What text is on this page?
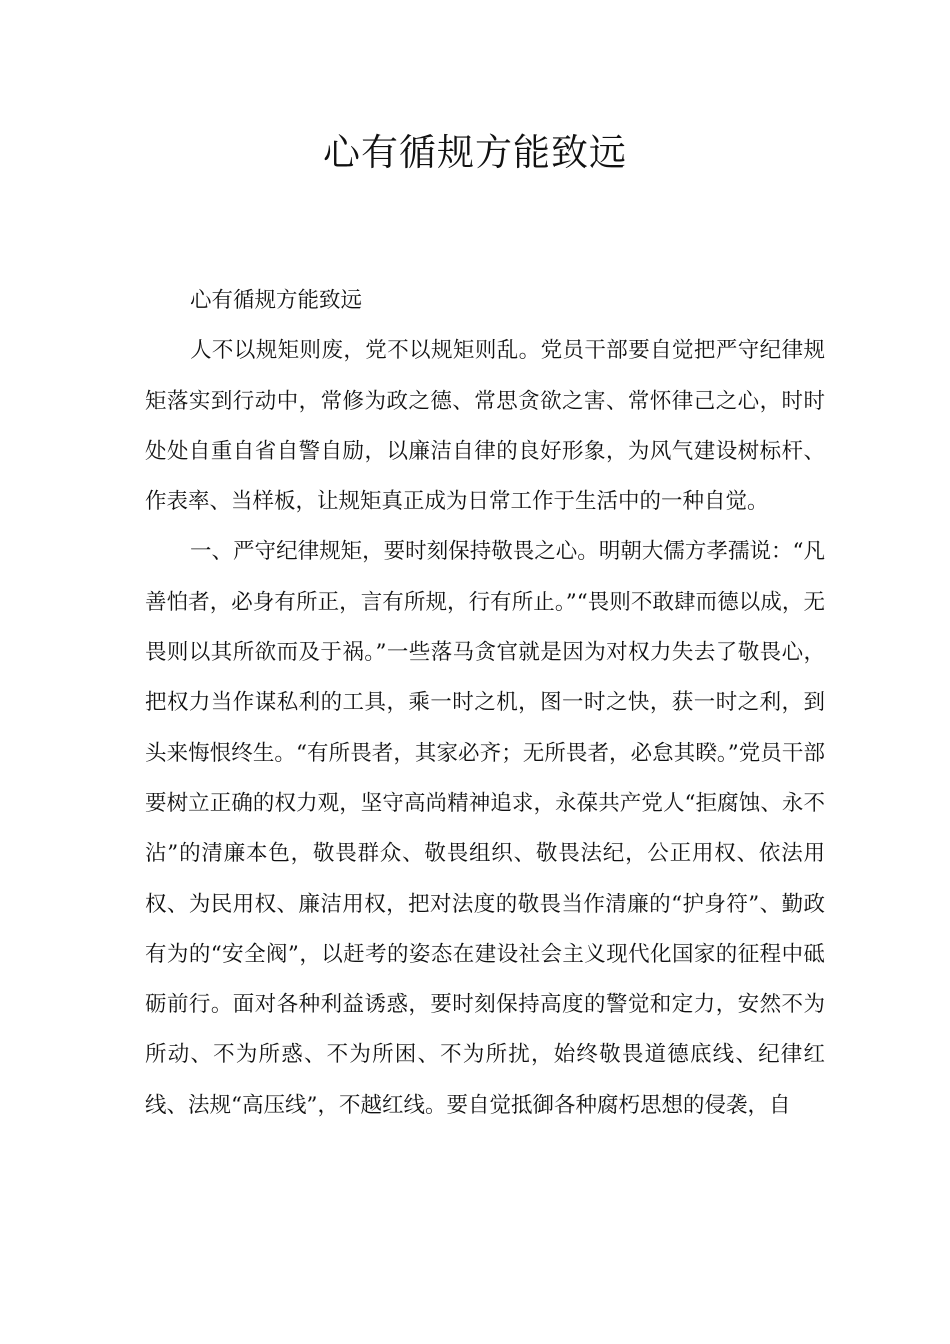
心有循规方能致远

心有循规方能致远

人不以规矩则废，党不以规矩则乱。党员干部要自觉把严守纪律规矩落实到行动中，常修为政之德、常思贪欲之害、常怀律己之心，时时处处自重自省自警自励，以廉洁自律的良好形象，为风气建设树标杆、作表率、当样板，让规矩真正成为日常工作于生活中的一种自觉。

一、严守纪律规矩，要时刻保持敬畏之心。明朝大儒方孝孺说：“凡善怕者，必身有所正，言有所规，行有所止。”“畏则不敢肆而德以成，无畏则以其所欲而及于祸。”一些落马贪官就是因为对权力失去了敬畏心，把权力当作谋私利的工具，乘一时之机，图一时之快，获一时之利，到头来悔恨终生。“有所畏者，其家必齐；无所畏者，必怠其睽。”党员干部要树立正确的权力观，坚守高尚精神追求，永葆共产党人“拒腐蚀、永不沾”的清廉本色，敬畏群众、敬畏组织、敬畏法纪，公正用权、依法用权、为民用权、廉洁用权，把对法度的敬畏当作清廉的“护身符”、勤政有为的“安全阀”，以赶考的姿态在建设社会主义现代化国家的征程中砥砺前行。面对各种利益诱惑，要时刻保持高度的警觉和定力，安然不为所动、不为所惑、不为所困、不为所扰，始终敬畏道德底线、纪律红线、法规“高压线”，不越红线。要自觉抵御各种腐朽思想的侵袭，自
